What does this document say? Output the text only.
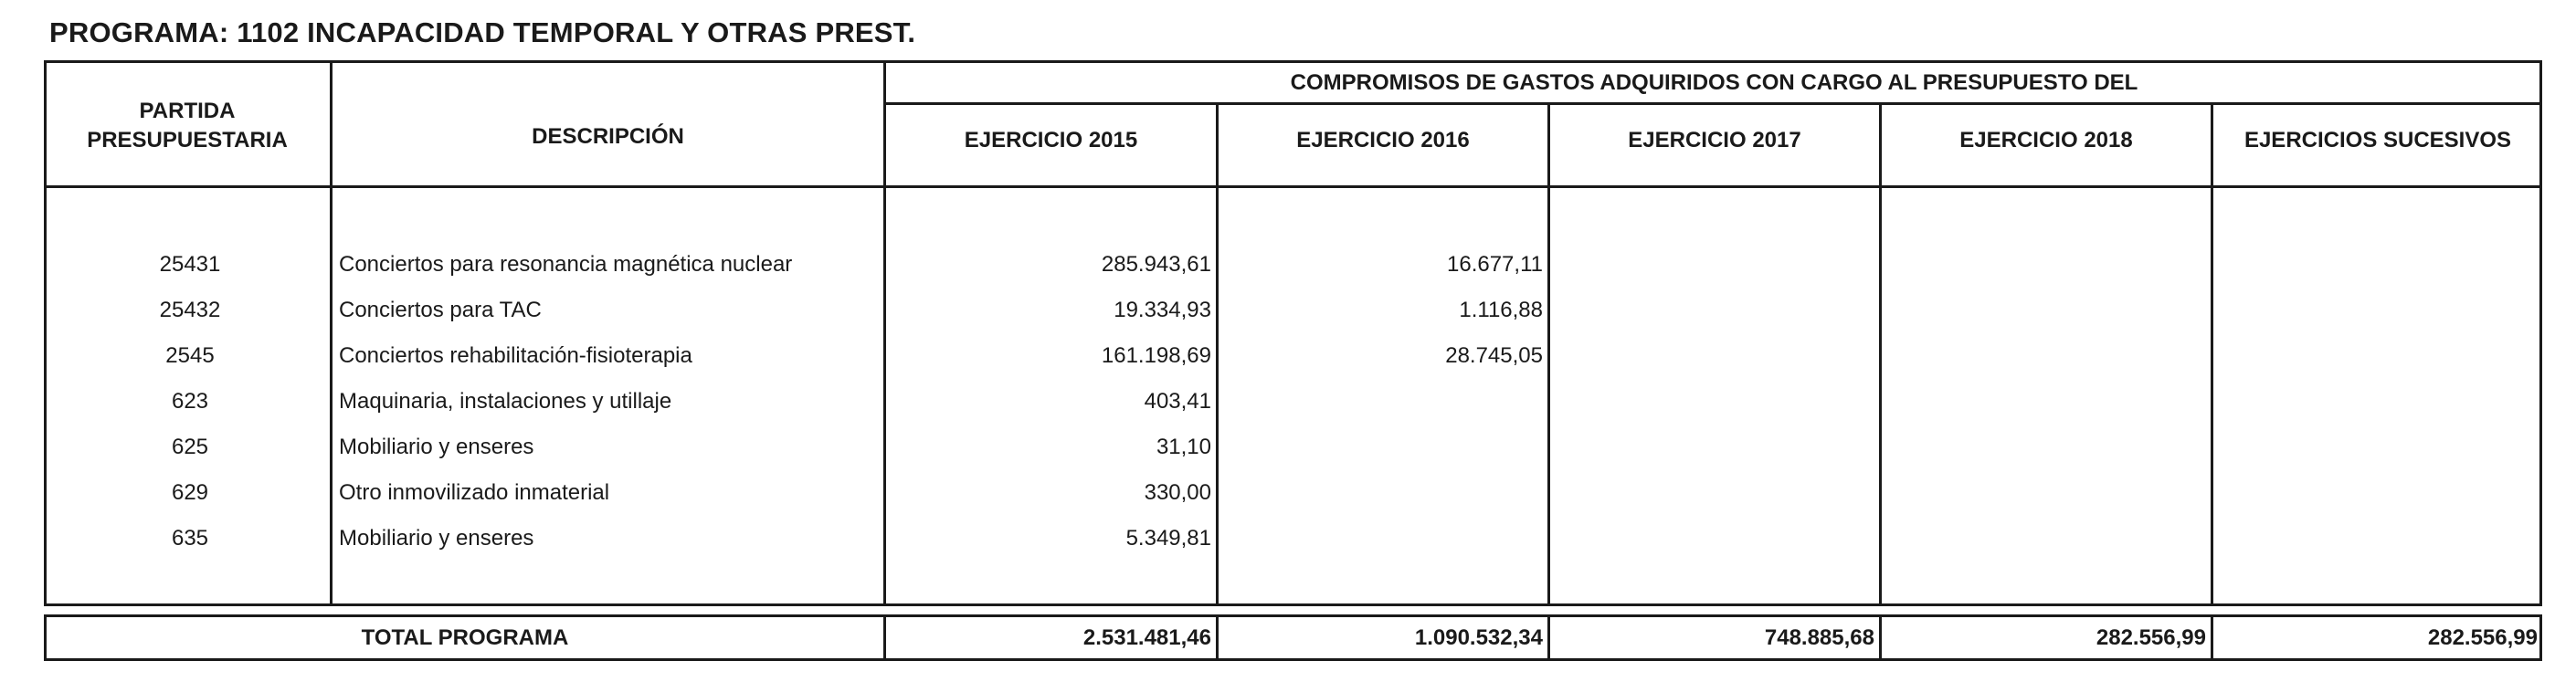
PROGRAMA: 1102 INCAPACIDAD TEMPORAL Y OTRAS PREST.
PARTIDA
PRESUPUESTARIA	DESCRIPCIÓN
COMPROMISOS DE GASTOS ADQUIRIDOS CON CARGO AL PRESUPUESTO DEL
EJERCICIO 2015	EJERCICIO 2016	EJERCICIO 2017	EJERCICIO 2018	EJERCICIOS SUCESIVOS
25431	Conciertos para resonancia magnética nuclear	285.943,61	16.677,11
25432	Conciertos para TAC	19.334,93	1.116,88
2545	Conciertos rehabilitación-fisioterapia	161.198,69	28.745,05
623	Maquinaria, instalaciones y utillaje	403,41
625	Mobiliario y enseres	31,10
629	Otro inmovilizado inmaterial	330,00
635	Mobiliario y enseres	5.349,81
TOTAL PROGRAMA	2.531.481,46	1.090.532,34	748.885,68	282.556,99	282.556,99
